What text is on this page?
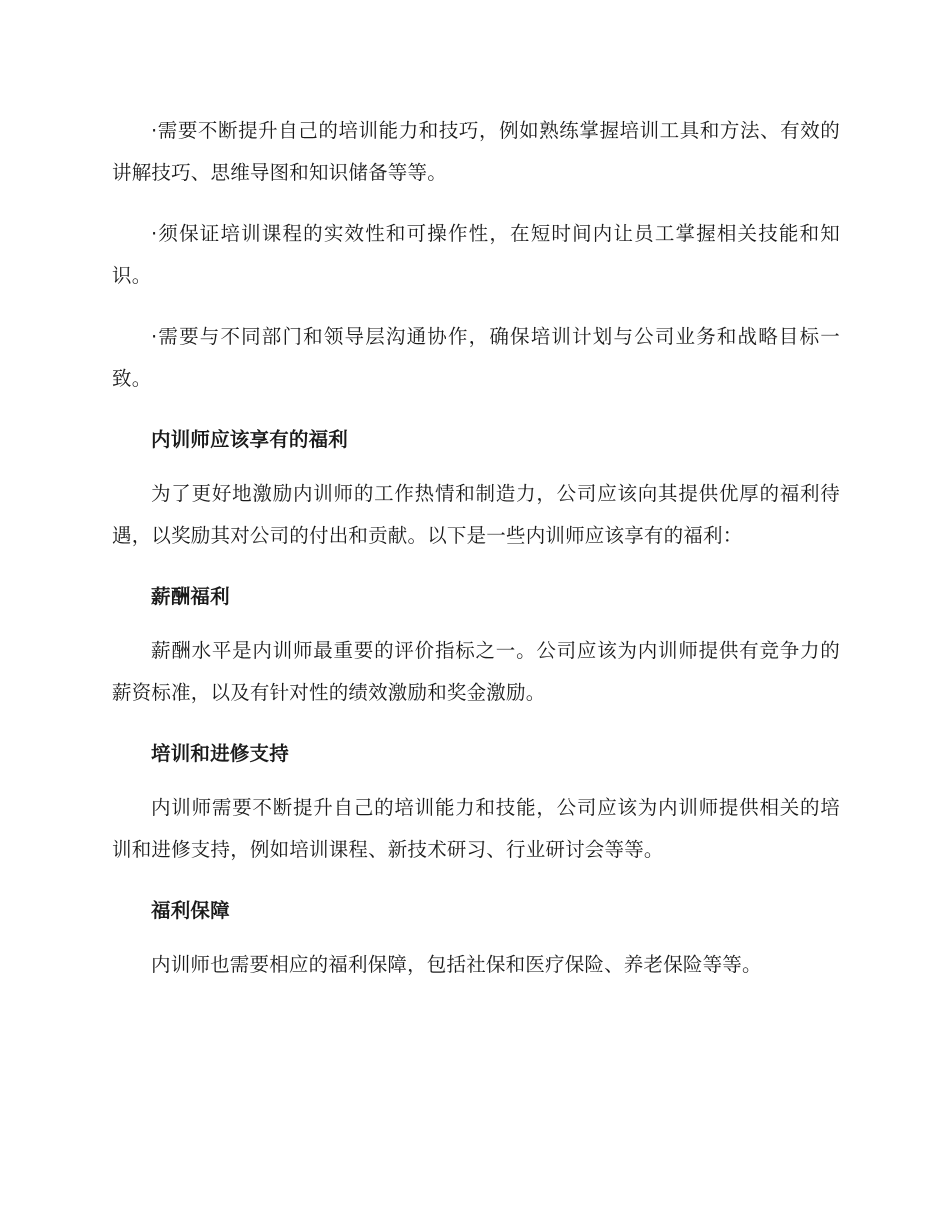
·需要不断提升自己的培训能力和技巧，例如熟练掌握培训工具和方法、有效的讲解技巧、思维导图和知识储备等等。

·须保证培训课程的实效性和可操作性，在短时间内让员工掌握相关技能和知识。

·需要与不同部门和领导层沟通协作，确保培训计划与公司业务和战略目标一致。

内训师应该享有的福利

为了更好地激励内训师的工作热情和制造力，公司应该向其提供优厚的福利待遇，以奖励其对公司的付出和贡献。以下是一些内训师应该享有的福利：

薪酬福利

薪酬水平是内训师最重要的评价指标之一。公司应该为内训师提供有竞争力的薪资标准，以及有针对性的绩效激励和奖金激励。

培训和进修支持

内训师需要不断提升自己的培训能力和技能，公司应该为内训师提供相关的培训和进修支持，例如培训课程、新技术研习、行业研讨会等等。

福利保障

内训师也需要相应的福利保障，包括社保和医疗保险、养老保险等等。
